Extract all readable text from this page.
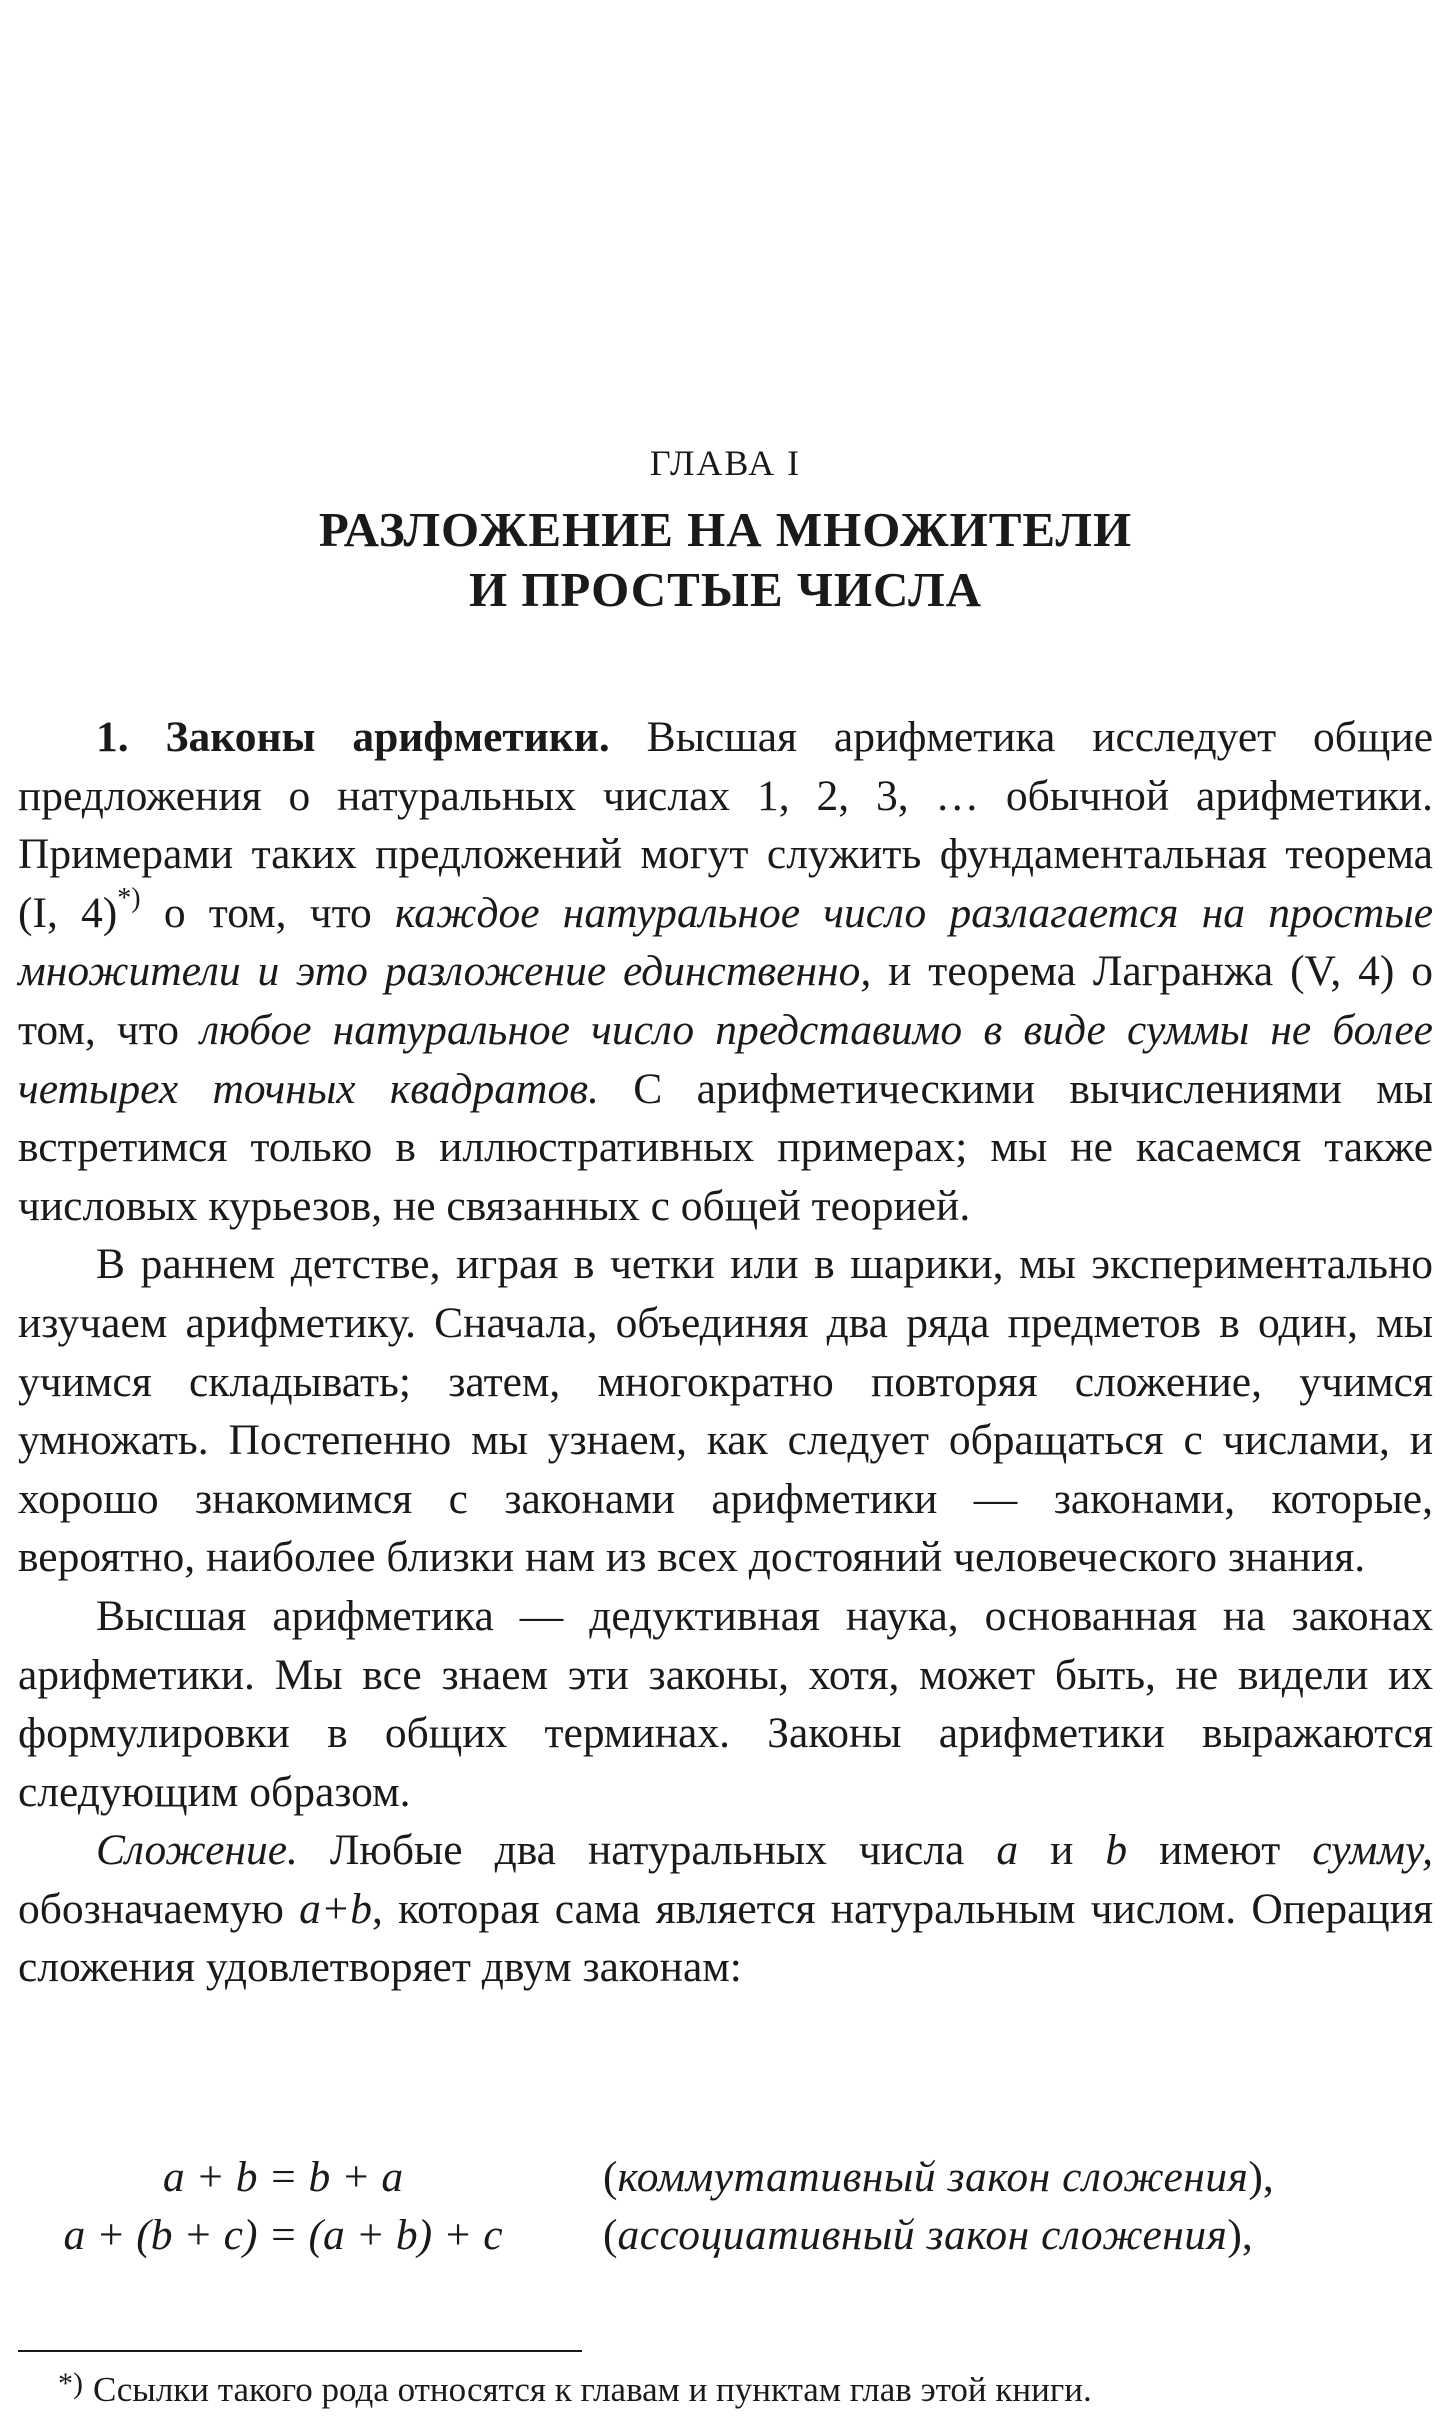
ГЛАВА I
РАЗЛОЖЕНИЕ НА МНОЖИТЕЛИ
И ПРОСТЫЕ ЧИСЛА

1. Законы арифметики. Высшая арифметика исследует общие предложения о натуральных числах 1, 2, 3, … обычной арифметики. Примерами таких предложений могут служить фундаментальная теорема (I, 4)*) о том, что каждое натуральное число разлагается на простые множители и это разложение единственно, и теорема Лагранжа (V, 4) о том, что любое натуральное число представимо в виде суммы не более четырех точных квадратов. С арифметическими вычислениями мы встретимся только в иллюстративных примерах; мы не касаемся также числовых курьезов, не связанных с общей теорией.

В раннем детстве, играя в четки или в шарики, мы экспериментально изучаем арифметику. Сначала, объединяя два ряда предметов в один, мы учимся складывать; затем, многократно повторяя сложение, учимся умножать. Постепенно мы узнаем, как следует обращаться с числами, и хорошо знакомимся с законами арифметики — законами, которые, вероятно, наиболее близки нам из всех достояний человеческого знания.

Высшая арифметика — дедуктивная наука, основанная на законах арифметики. Мы все знаем эти законы, хотя, может быть, не видели их формулировки в общих терминах. Законы арифметики выражаются следующим образом.

Сложение. Любые два натуральных числа a и b имеют сумму, обозначаемую a+b, которая сама является натуральным числом. Операция сложения удовлетворяет двум законам:

a + b = b + a	(коммутативный закон сложения),
a + (b + c) = (a + b) + c	(ассоциативный закон сложения),
*) Ссылки такого рода относятся к главам и пунктам глав этой книги.
